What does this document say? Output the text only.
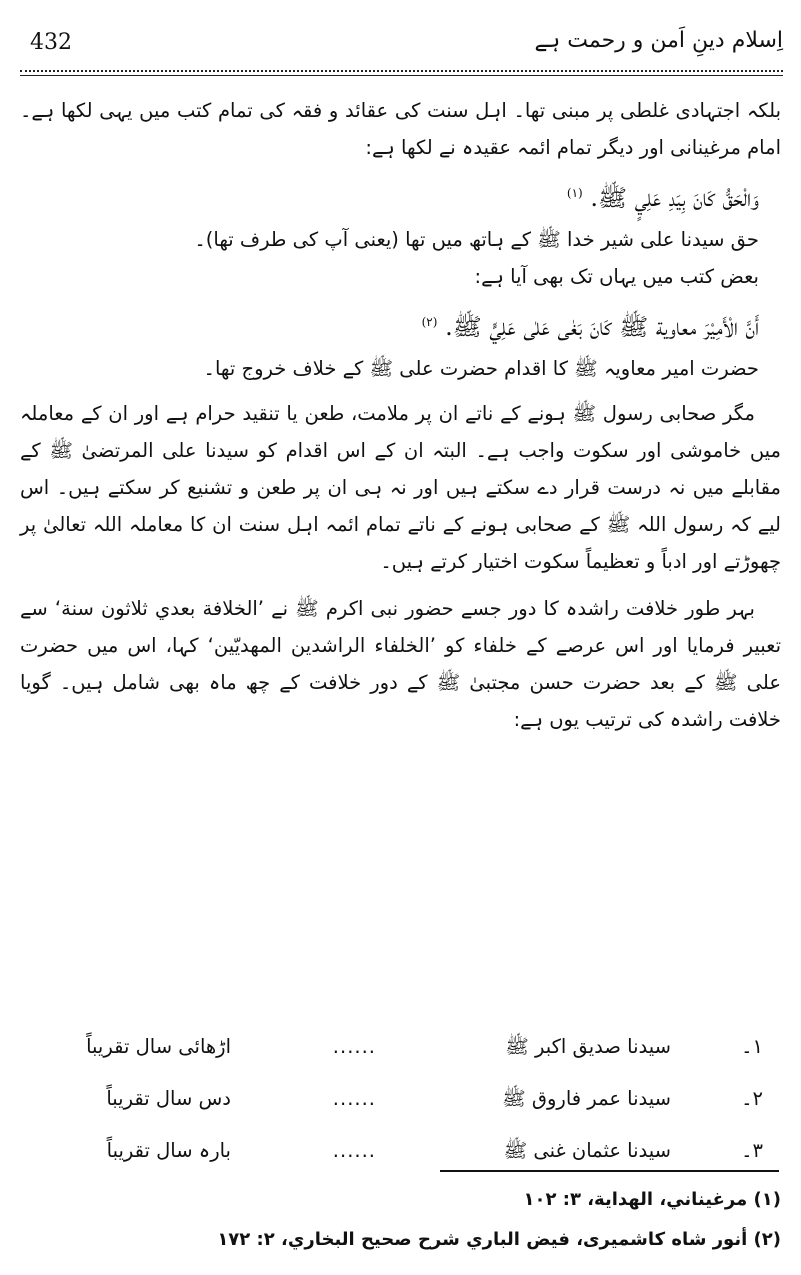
432	اِسلام دینِ اَمن و رحمت ہے

بلکہ اجتہادی غلطی پر مبنی تھا۔ اہل سنت کی عقائد و فقہ کی تمام کتب میں یہی لکھا ہے۔ امام مرغینانی اور دیگر تمام ائمہ عقیدہ نے لکھا ہے:

وَالْحَقُّ كَانَ بِيَدِ عَلِيٍ ﷺ. $^{(۱)}$

حق سیدنا علی شیر خدا ﷺ کے ہاتھ میں تھا (یعنی آپ کی طرف تھا)۔

بعض کتب میں یہاں تک بھی آیا ہے:

أَنَّ الْأَمِيْرَ معاوية ﷺ كَانَ بَغٰى عَلٰى عَلِيٍّ ﷺ. $^{(۲)}$

حضرت امیر معاویہ ﷺ کا اقدام حضرت علی ﷺ کے خلاف خروج تھا۔

مگر صحابی رسول ﷺ ہونے کے ناتے ان پر ملامت، طعن یا تنقید حرام ہے اور ان کے معاملہ میں خاموشی اور سکوت واجب ہے۔ البتہ ان کے اس اقدام کو سیدنا علی المرتضیٰ ﷺ کے مقابلے میں نہ درست قرار دے سکتے ہیں اور نہ ہی ان پر طعن و تشنیع کر سکتے ہیں۔ اس لیے کہ رسول اللہ ﷺ کے صحابی ہونے کے ناتے تمام ائمہ اہل سنت ان کا معاملہ اللہ تعالیٰ پر چھوڑتے اور ادباً و تعظیماً سکوت اختیار کرتے ہیں۔

بہر طور خلافت راشدہ کا دور جسے حضور نبی اکرم ﷺ نے ’الخلافة بعدي ثلاثون سنة‘ سے تعبیر فرمایا اور اس عرصے کے خلفاء کو ’الخلفاء الراشدين المهديّين‘ کہا، اس میں حضرت علی ﷺ کے بعد حضرت حسن مجتبیٰ ﷺ کے دور خلافت کے چھ ماہ بھی شامل ہیں۔ گویا خلافت راشدہ کی ترتیب یوں ہے:

۱۔
سیدنا صدیق اکبر ﷺ
......
اڑھائی سال تقریباً
۲۔
سیدنا عمر فاروق ﷺ
......
دس سال تقریباً
۳۔
سیدنا عثمان غنی ﷺ
......
بارہ سال تقریباً

(۱) مرغيناني، الهداية، ۳: ۱۰۲

(۲) أنور شاه كاشميری، فيض الباري شرح صحيح البخاري، ۲: ۱۷۲
